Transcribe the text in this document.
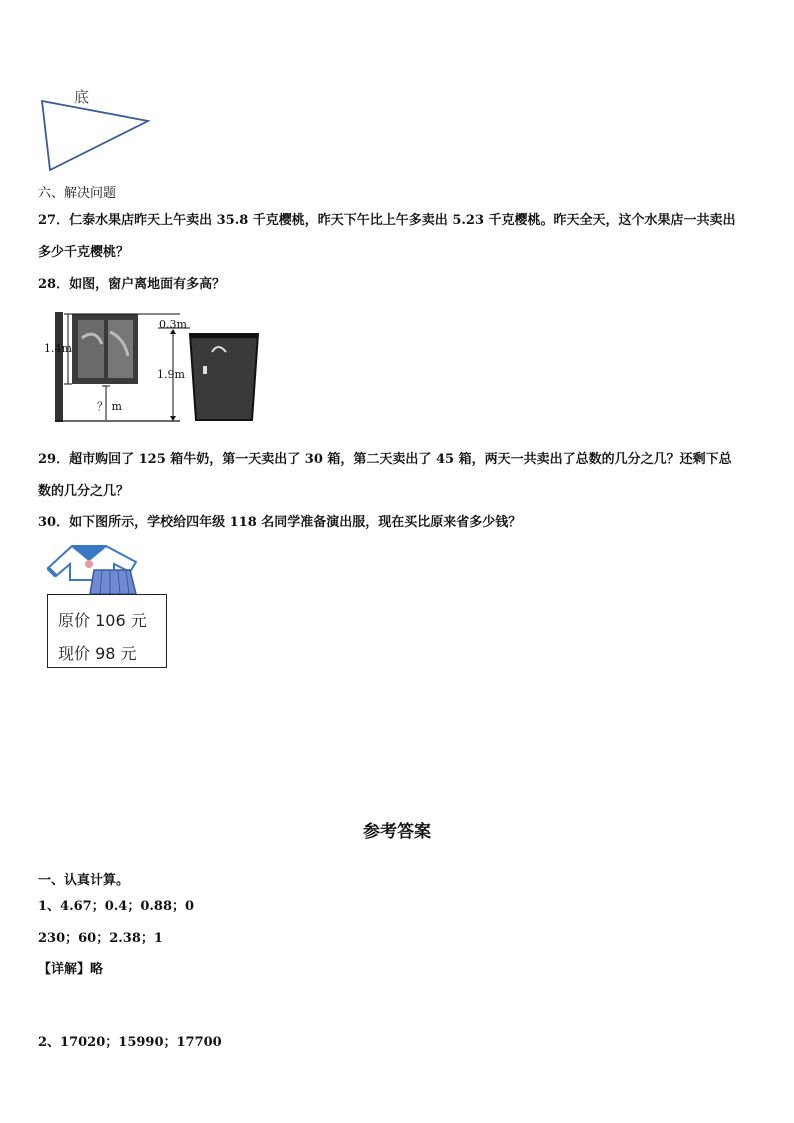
底
六、解决问题
27．仁泰水果店昨天上午卖出 35.8 千克樱桃，昨天下午比上午多卖出 5.23 千克樱桃。昨天全天，这个水果店一共卖出
多少千克樱桃？
28．如图，窗户离地面有多高？
1.4m
0.3m
1.9m
？ m
29．超市购回了 125 箱牛奶，第一天卖出了 30 箱，第二天卖出了 45 箱，两天一共卖出了总数的几分之几？还剩下总
数的几分之几？
30．如下图所示，学校给四年级 118 名同学准备演出服，现在买比原来省多少钱？
原价 106 元
现价 98 元
参考答案
一、认真计算。
1、4.67；0.4；0.88；0
230；60；2.38；1
【详解】略
2、17020；15990；17700
